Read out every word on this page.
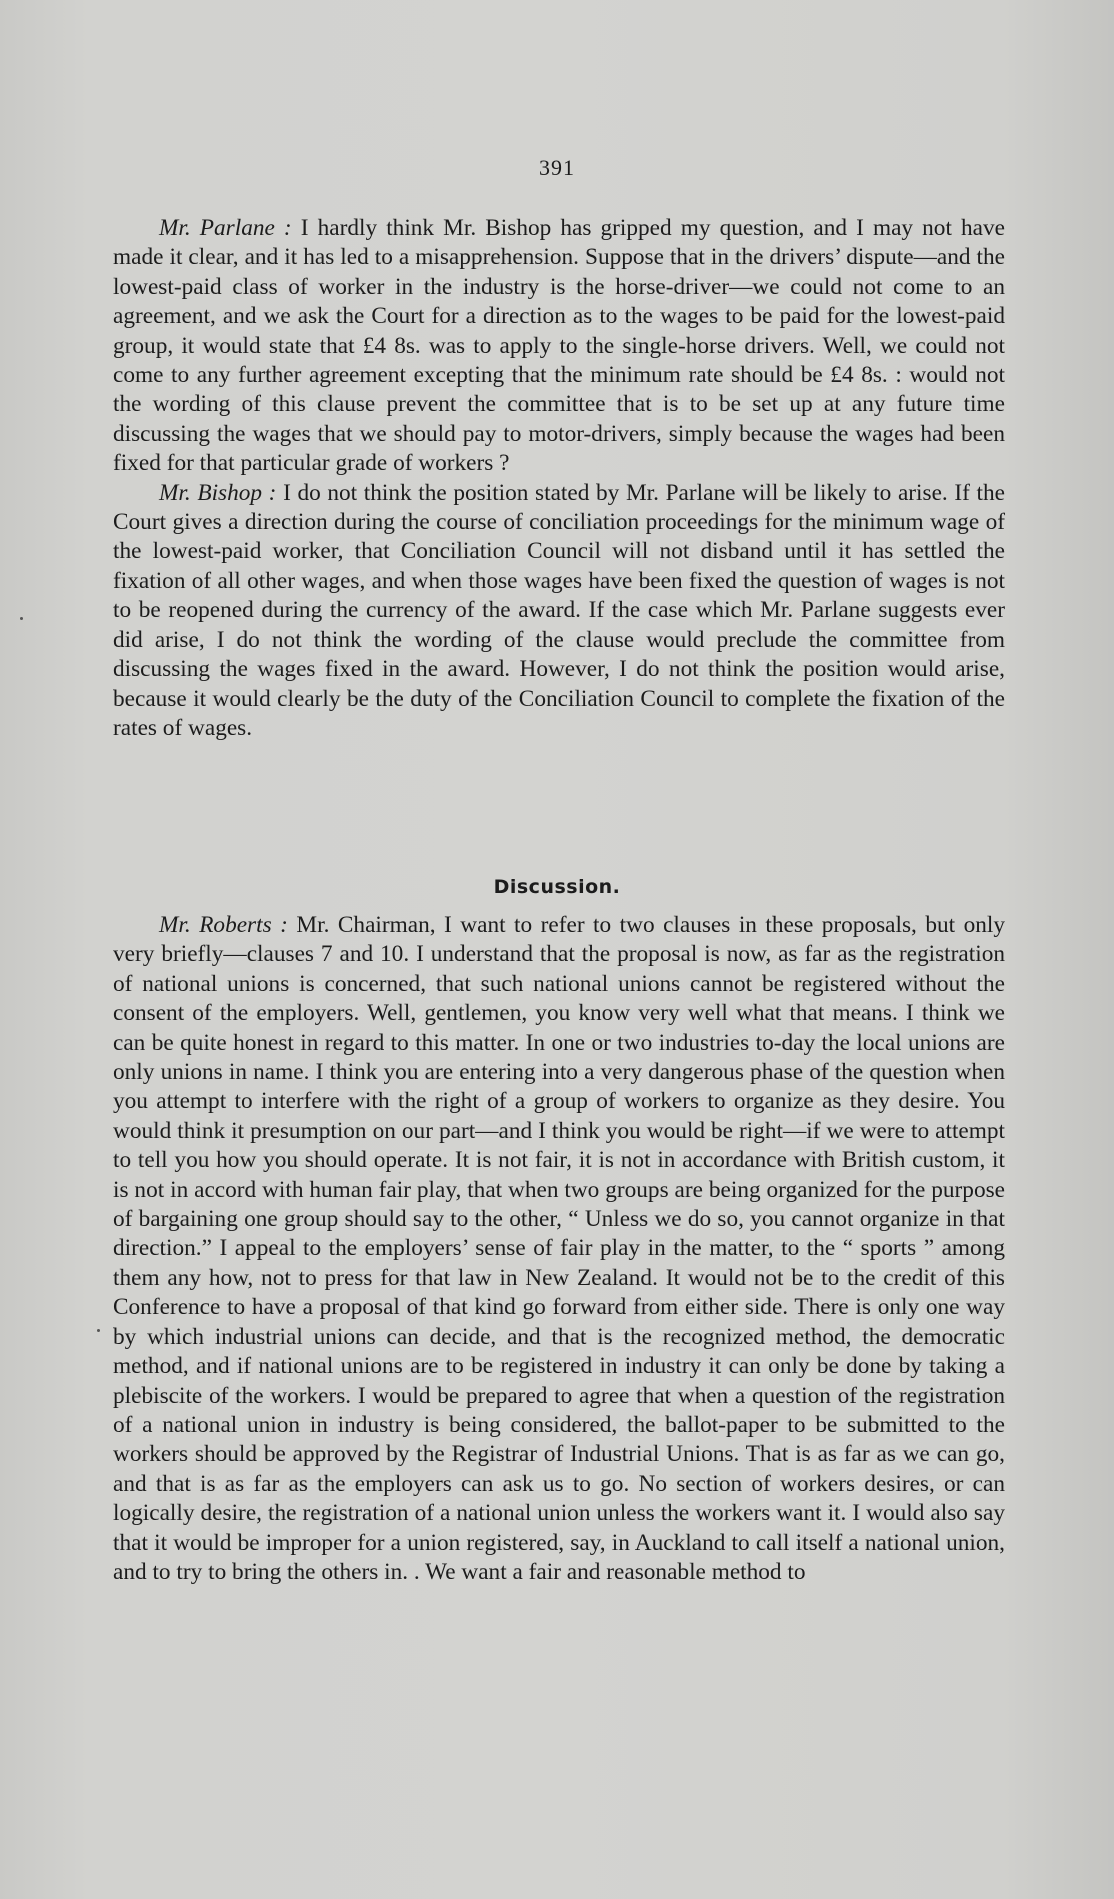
391

Mr. Parlane : I hardly think Mr. Bishop has gripped my question, and I may not have made it clear, and it has led to a misapprehension. Suppose that in the drivers’ dispute—and the lowest-paid class of worker in the industry is the horse-driver—we could not come to an agreement, and we ask the Court for a direction as to the wages to be paid for the lowest-paid group, it would state that £4 8s. was to apply to the single-horse drivers. Well, we could not come to any further agreement excepting that the minimum rate should be £4 8s. : would not the wording of this clause prevent the committee that is to be set up at any future time discussing the wages that we should pay to motor-drivers, simply because the wages had been fixed for that particular grade of workers ?

Mr. Bishop : I do not think the position stated by Mr. Parlane will be likely to arise. If the Court gives a direction during the course of conciliation proceedings for the minimum wage of the lowest-paid worker, that Conciliation Council will not disband until it has settled the fixation of all other wages, and when those wages have been fixed the question of wages is not to be reopened during the currency of the award. If the case which Mr. Parlane suggests ever did arise, I do not think the wording of the clause would preclude the committee from discussing the wages fixed in the award. However, I do not think the position would arise, because it would clearly be the duty of the Conciliation Council to complete the fixation of the rates of wages.

Discussion.

Mr. Roberts : Mr. Chairman, I want to refer to two clauses in these proposals, but only very briefly—clauses 7 and 10. I understand that the proposal is now, as far as the registration of national unions is concerned, that such national unions cannot be registered without the consent of the employers. Well, gentlemen, you know very well what that means. I think we can be quite honest in regard to this matter. In one or two industries to-day the local unions are only unions in name. I think you are entering into a very dangerous phase of the question when you attempt to interfere with the right of a group of workers to organize as they desire. You would think it presumption on our part—and I think you would be right—if we were to attempt to tell you how you should operate. It is not fair, it is not in accordance with British custom, it is not in accord with human fair play, that when two groups are being organized for the purpose of bargaining one group should say to the other, “ Unless we do so, you cannot organize in that direction.” I appeal to the employers’ sense of fair play in the matter, to the “ sports ” among them any how, not to press for that law in New Zealand. It would not be to the credit of this Conference to have a proposal of that kind go forward from either side. There is only one way by which industrial unions can decide, and that is the recognized method, the democratic method, and if national unions are to be registered in industry it can only be done by taking a plebiscite of the workers. I would be prepared to agree that when a question of the registration of a national union in industry is being considered, the ballot-paper to be submitted to the workers should be approved by the Registrar of Industrial Unions. That is as far as we can go, and that is as far as the employers can ask us to go. No section of workers desires, or can logically desire, the registration of a national union unless the workers want it. I would also say that it would be improper for a union registered, say, in Auckland to call itself a national union, and to try to bring the others in. . We want a fair and reasonable method to
